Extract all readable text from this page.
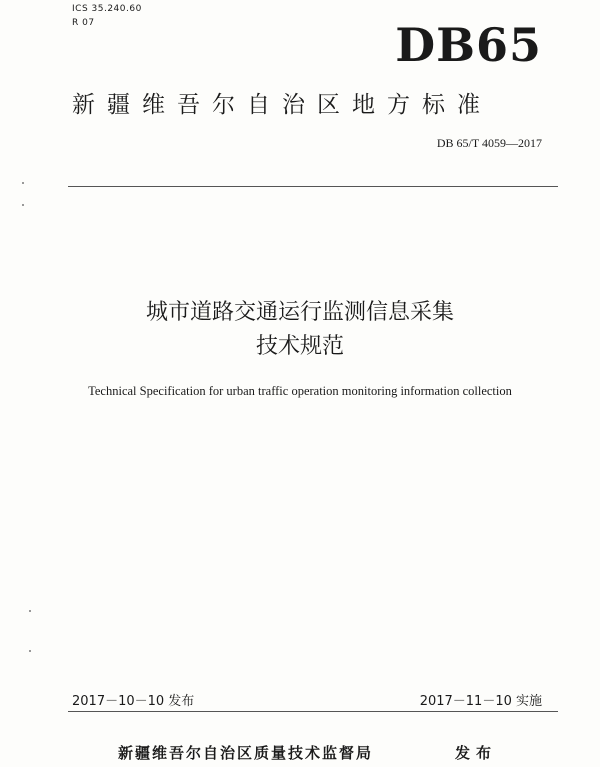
ICS 35.240.60
R 07	DB65
新疆维吾尔自治区地方标准
DB 65/T 4059—2017
城市道路交通运行监测信息采集
技术规范
Technical Specification for urban traffic operation monitoring information collection
2017－10－10 发布	2017－11－10 实施
新疆维吾尔自治区质量技术监督局	发布
